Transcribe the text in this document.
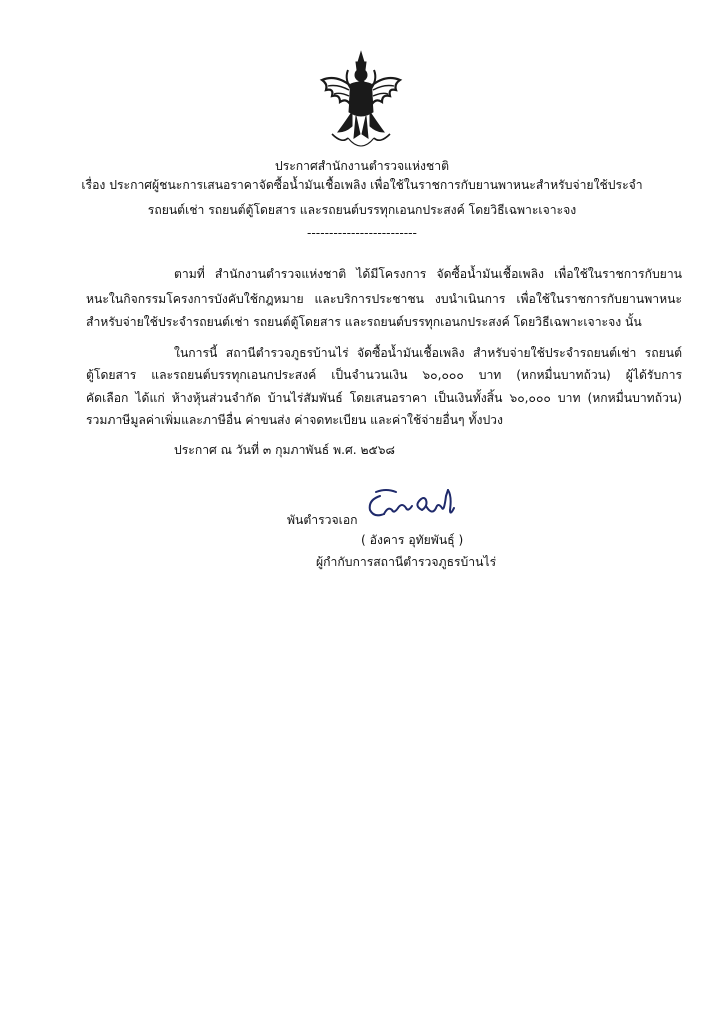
ประกาศสำนักงานตำรวจแห่งชาติ
เรื่อง ประกาศผู้ชนะการเสนอราคาจัดซื้อน้ำมันเชื้อเพลิง เพื่อใช้ในราชการกับยานพาหนะสำหรับจ่ายใช้ประจำ
รถยนต์เช่า รถยนต์ตู้โดยสาร และรถยนต์บรรทุกเอนกประสงค์ โดยวิธีเฉพาะเจาะจง
-------------------------
ตามที่ สำนักงานตำรวจแห่งชาติ ได้มีโครงการ จัดซื้อน้ำมันเชื้อเพลิง เพื่อใช้ในราชการกับยาน
หนะในกิจกรรมโครงการบังคับใช้กฎหมาย และบริการประชาชน งบนำเนินการ เพื่อใช้ในราชการกับยานพาหนะ
สำหรับจ่ายใช้ประจำรถยนต์เช่า รถยนต์ตู้โดยสาร และรถยนต์บรรทุกเอนกประสงค์ โดยวิธีเฉพาะเจาะจง นั้น
ในการนี้ สถานีตำรวจภูธรบ้านไร่ จัดซื้อน้ำมันเชื้อเพลิง สำหรับจ่ายใช้ประจำรถยนต์เช่า รถยนต์
ตู้โดยสาร และรถยนต์บรรทุกเอนกประสงค์ เป็นจำนวนเงิน ๖๐,๐๐๐ บาท (หกหมื่นบาทถ้วน) ผู้ได้รับการ
คัดเลือก ได้แก่ ห้างหุ้นส่วนจำกัด บ้านไร่สัมพันธ์ โดยเสนอราคา เป็นเงินทั้งสิ้น ๖๐,๐๐๐ บาท (หกหมื่นบาทถ้วน)
รวมภาษีมูลค่าเพิ่มและภาษีอื่น ค่าขนส่ง ค่าจดทะเบียน และค่าใช้จ่ายอื่นๆ ทั้งปวง
ประกาศ ณ วันที่ ๓ กุมภาพันธ์ พ.ศ. ๒๕๖๘
พันตำรวจเอก
( อังคาร อุทัยพันธุ์ )
ผู้กำกับการสถานีตำรวจภูธรบ้านไร่
